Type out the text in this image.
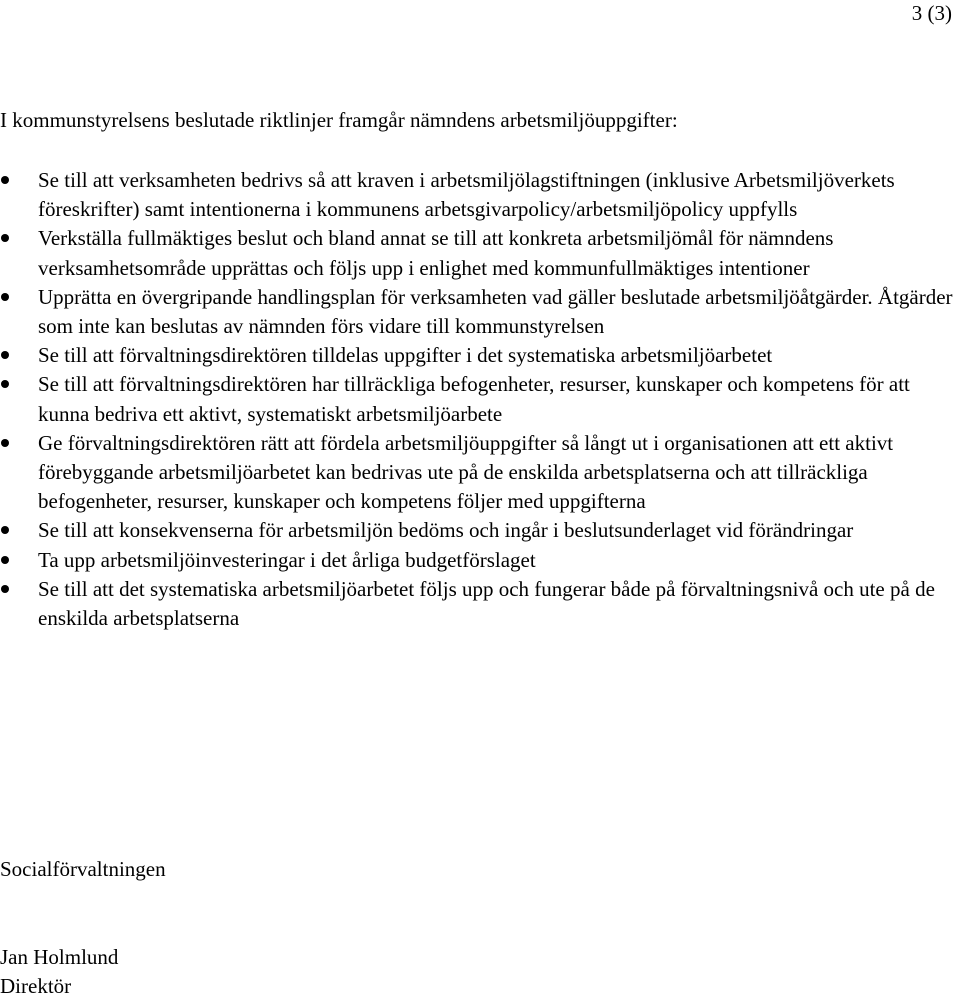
3 (3)

I kommunstyrelsens beslutade riktlinjer framgår nämndens arbetsmiljöuppgifter:

Se till att verksamheten bedrivs så att kraven i arbetsmiljölagstiftningen (inklusive Arbetsmiljöverkets föreskrifter) samt intentionerna i kommunens arbetsgivarpolicy/arbetsmiljöpolicy uppfylls
Verkställa fullmäktiges beslut och bland annat se till att konkreta arbetsmiljömål för nämndens verksamhetsområde upprättas och följs upp i enlighet med kommunfullmäktiges intentioner
Upprätta en övergripande handlingsplan för verksamheten vad gäller beslutade arbetsmiljöåtgärder. Åtgärder som inte kan beslutas av nämnden förs vidare till kommunstyrelsen
Se till att förvaltningsdirektören tilldelas uppgifter i det systematiska arbetsmiljöarbetet
Se till att förvaltningsdirektören har tillräckliga befogenheter, resurser, kunskaper och kompetens för att kunna bedriva ett aktivt, systematiskt arbetsmiljöarbete
Ge förvaltningsdirektören rätt att fördela arbetsmiljöuppgifter så långt ut i organisationen att ett aktivt förebyggande arbetsmiljöarbetet kan bedrivas ute på de enskilda arbetsplatserna och att tillräckliga befogenheter, resurser, kunskaper och kompetens följer med uppgifterna
Se till att konsekvenserna för arbetsmiljön bedöms och ingår i beslutsunderlaget vid förändringar
Ta upp arbetsmiljöinvesteringar i det årliga budgetförslaget
Se till att det systematiska arbetsmiljöarbetet följs upp och fungerar både på förvaltningsnivå och ute på de enskilda arbetsplatserna

Socialförvaltningen

Jan Holmlund
Direktör
